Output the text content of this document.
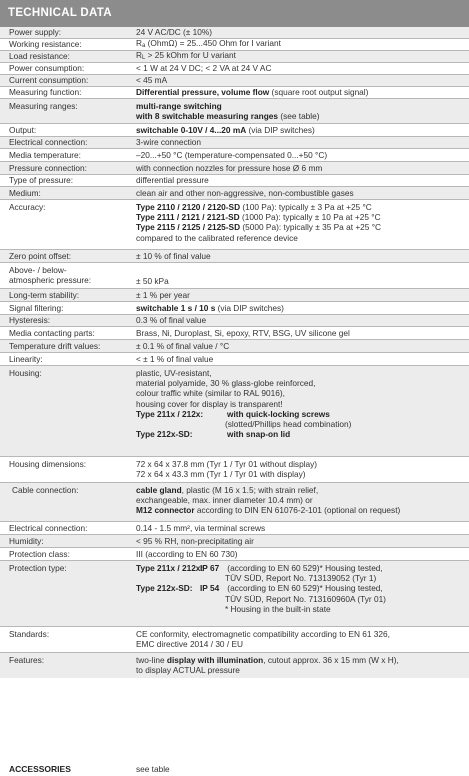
TECHNICAL DATA
Power supply:	24 V AC/DC (± 10%)
Working resistance:	Ra (OhmΩ) = 25...450 Ohm for I variant
Load resistance:	RL > 25 kOhm for U variant
Power consumption:	< 1 W at 24 V DC; < 2 VA at 24 V AC
Current consumption:	< 45 mA
Measuring function:	Differential pressure, volume flow (square root output signal)
Measuring ranges:	multi-range switching
with 8 switchable measuring ranges (see table)
Output:	switchable 0-10V / 4...20 mA (via DIP switches)
Electrical connection:	3-wire connection
Media temperature:	–20...+50 °C (temperature-compensated 0...+50 °C)
Pressure connection:	with connection nozzles for pressure hose Ø 6 mm
Type of pressure:	differential pressure
Medium:	clean air and other non-aggressive, non-combustible gases
Accuracy:	Type 2110 / 2120 / 2120-SD (100 Pa): typically ± 3 Pa at +25 °C
Type 2111 / 2121 / 2121-SD (1000 Pa): typically ± 10 Pa at +25 °C
Type 2115 / 2125 / 2125-SD (5000 Pa): typically ± 35 Pa at +25 °C
compared to the calibrated reference device
Zero point offset:	± 10 % of final value
Above- / below-
atmospheric pressure:	± 50 kPa
Long-term stability:	± 1 % per year
Signal filtering:	switchable 1 s / 10 s (via DIP switches)
Hysteresis:	0.3 % of final value
Media contacting parts:	Brass, Ni, Duroplast, Si, epoxy, RTV, BSG, UV silicone gel
Temperature drift values:	± 0.1 % of final value / °C
Linearity:	< ± 1 % of final value
Housing:	plastic, UV-resistant,
material polyamide, 30 % glass-globe reinforced,
colour traffic white (similar to RAL 9016),
housing cover for display is transparent!
Type 211x / 212x:	with quick-locking screws
(slotted/Phillips head combination)
Type 212x-SD:	with snap-on lid
Housing dimensions:	72 x 64 x 37.8 mm (Tyr 1 / Tyr 01 without display)
72 x 64 x 43.3 mm (Tyr 1 / Tyr 01 with display)
Cable connection:	cable gland, plastic (M 16 x 1.5; with strain relief,
exchangeable, max. inner diameter 10.4 mm) or
M12 connector according to DIN EN 61076-2-101 (optional on request)
Electrical connection:	0.14 - 1.5 mm², via terminal screws
Humidity:	< 95 % RH, non-precipitating air
Protection class:	III (according to EN 60 730)
Protection type:	Type 211x / 212x:IP 67 (according to EN 60 529)* Housing tested,
TÜV SÜD, Report No. 713139052 (Tyr 1)
Type 212x-SD: IP 54 (according to EN 60 529)* Housing tested,
TÜV SÜD, Report No. 713160960A (Tyr 01)
* Housing in the built-in state
Standards:	CE conformity, electromagnetic compatibility according to EN 61 326,
EMC directive 2014 / 30 / EU
Features:	two-line display with illumination, cutout approx. 36 x 15 mm (W x H),
to display ACTUAL pressure
ACCESSORIES	see table
